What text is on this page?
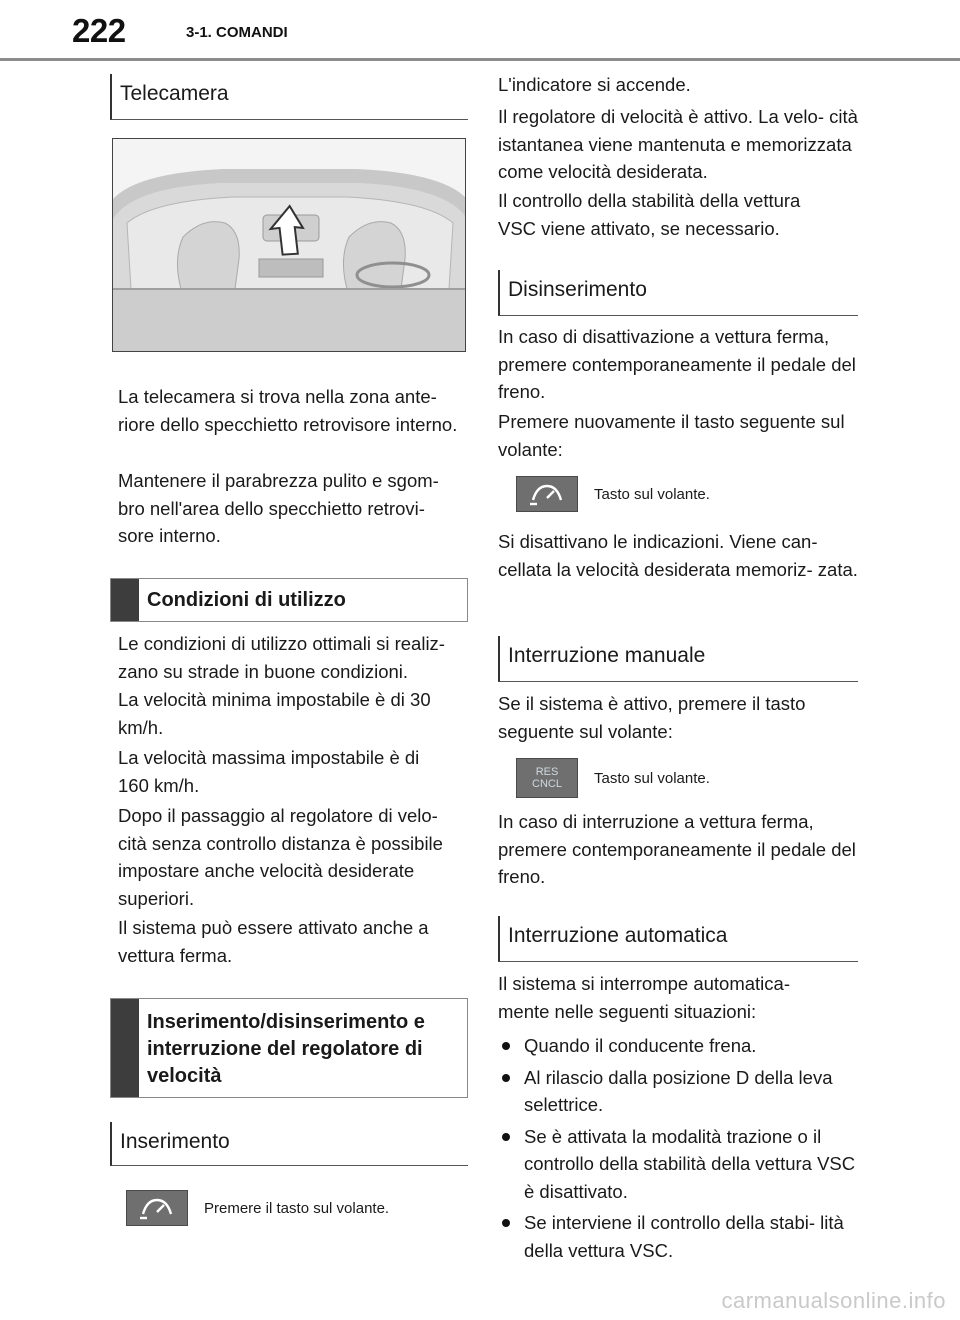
222	3-1. COMANDI
Telecamera

La telecamera si trova nella zona ante- riore dello specchietto retrovisore interno.

Mantenere il parabrezza pulito e sgom- bro nell'area dello specchietto retrovi- sore interno.

Condizioni di utilizzo

Le condizioni di utilizzo ottimali si realiz- zano su strade in buone condizioni.

La velocità minima impostabile è di 30 km/h.

La velocità massima impostabile è di 160 km/h.

Dopo il passaggio al regolatore di velo- cità senza controllo distanza è possibile impostare anche velocità desiderate superiori.

Il sistema può essere attivato anche a vettura ferma.

Inserimento/disinserimento e interruzione del regolatore di velocità
Inserimento
Premere il tasto sul volante.

L'indicatore si accende.

Il regolatore di velocità è attivo. La velo- cità istantanea viene mantenuta e memorizzata come velocità desiderata.

Il controllo della stabilità della vettura VSC viene attivato, se necessario.

Disinserimento

In caso di disattivazione a vettura ferma, premere contemporaneamente il pedale del freno.

Premere nuovamente il tasto seguente sul volante:

Tasto sul volante.

Si disattivano le indicazioni. Viene can- cellata la velocità desiderata memoriz- zata.

Interruzione manuale

Se il sistema è attivo, premere il tasto seguente sul volante:

RES
CNCL	Tasto sul volante.

In caso di interruzione a vettura ferma, premere contemporaneamente il pedale del freno.

Interruzione automatica

Il sistema si interrompe automatica- mente nelle seguenti situazioni:

Quando il conducente frena.
Al rilascio dalla posizione D della leva selettrice.
Se è attivata la modalità trazione o il controllo della stabilità della vettura VSC è disattivato.
Se interviene il controllo della stabi- lità della vettura VSC.
carmanualsonline.info
